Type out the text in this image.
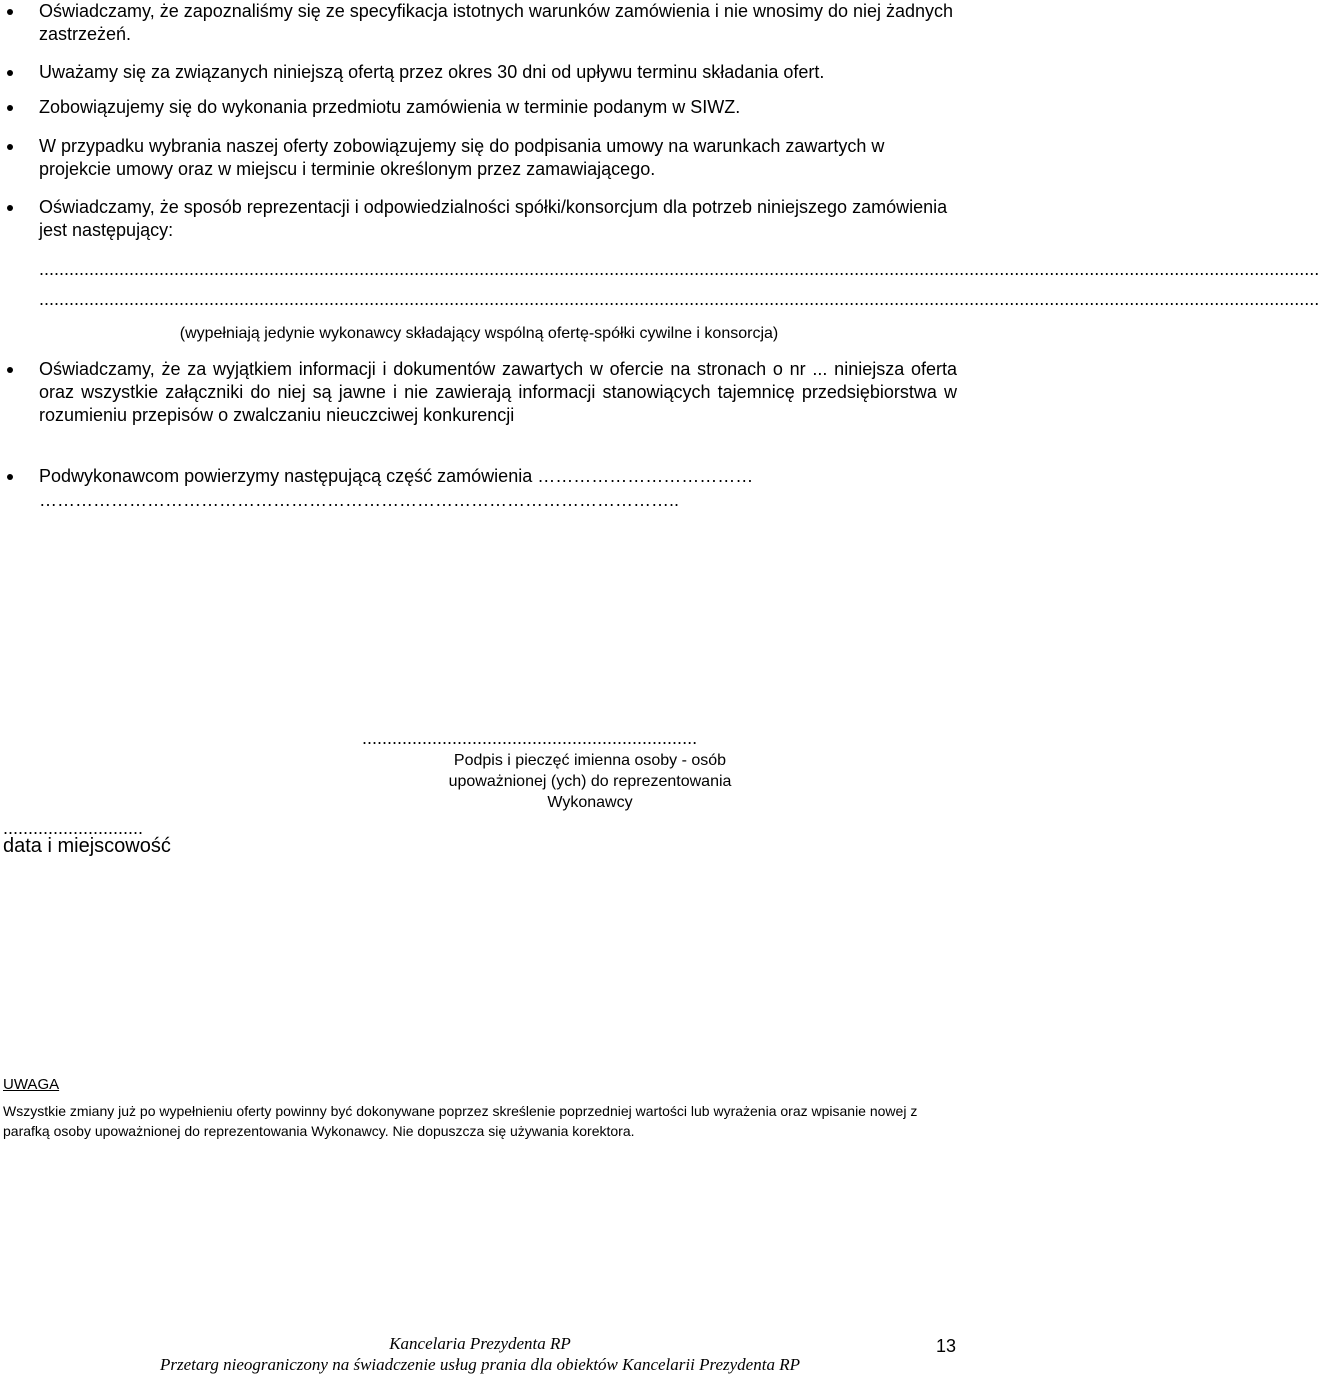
Oświadczamy, że zapoznaliśmy się ze specyfikacja istotnych warunków zamówienia i nie wnosimy do niej żadnych zastrzeżeń.
Uważamy się za związanych niniejszą ofertą przez okres 30 dni od upływu terminu składania ofert.
Zobowiązujemy się do wykonania przedmiotu zamówienia w terminie podanym w SIWZ.
W przypadku wybrania naszej oferty zobowiązujemy się do podpisania umowy na warunkach zawartych w projekcie umowy oraz w miejscu i terminie określonym przez zamawiającego.
Oświadczamy, że sposób reprezentacji i odpowiedzialności spółki/konsorcjum dla potrzeb niniejszego zamówienia jest następujący:
................................................................................................................................................................................................................................................................
................................................................................................................................................................................................................................................................
(wypełniają jedynie wykonawcy składający wspólną ofertę-spółki cywilne i konsorcja)
Oświadczamy, że za wyjątkiem informacji i dokumentów zawartych w ofercie na stronach o nr ... niniejsza oferta oraz wszystkie załączniki do niej są jawne i nie zawierają informacji stanowiących tajemnicę przedsiębiorstwa w rozumieniu przepisów o zwalczaniu nieuczciwej konkurencji
Podwykonawcom powierzymy następującą część zamówienia ………………………………
……………………………………………………………………………………………..
...................................................................
Podpis i pieczęć imienna osoby - osób
upoważnionej (ych) do reprezentowania
Wykonawcy
............................
data i miejscowość
UWAGA
Wszystkie zmiany już po wypełnieniu oferty powinny być dokonywane poprzez skreślenie poprzedniej wartości lub wyrażenia oraz wpisanie nowej z parafką osoby upoważnionej do reprezentowania Wykonawcy. Nie dopuszcza się używania korektora.
Kancelaria Prezydenta RP
Przetarg nieograniczony na świadczenie usług prania dla obiektów Kancelarii Prezydenta RP
13
